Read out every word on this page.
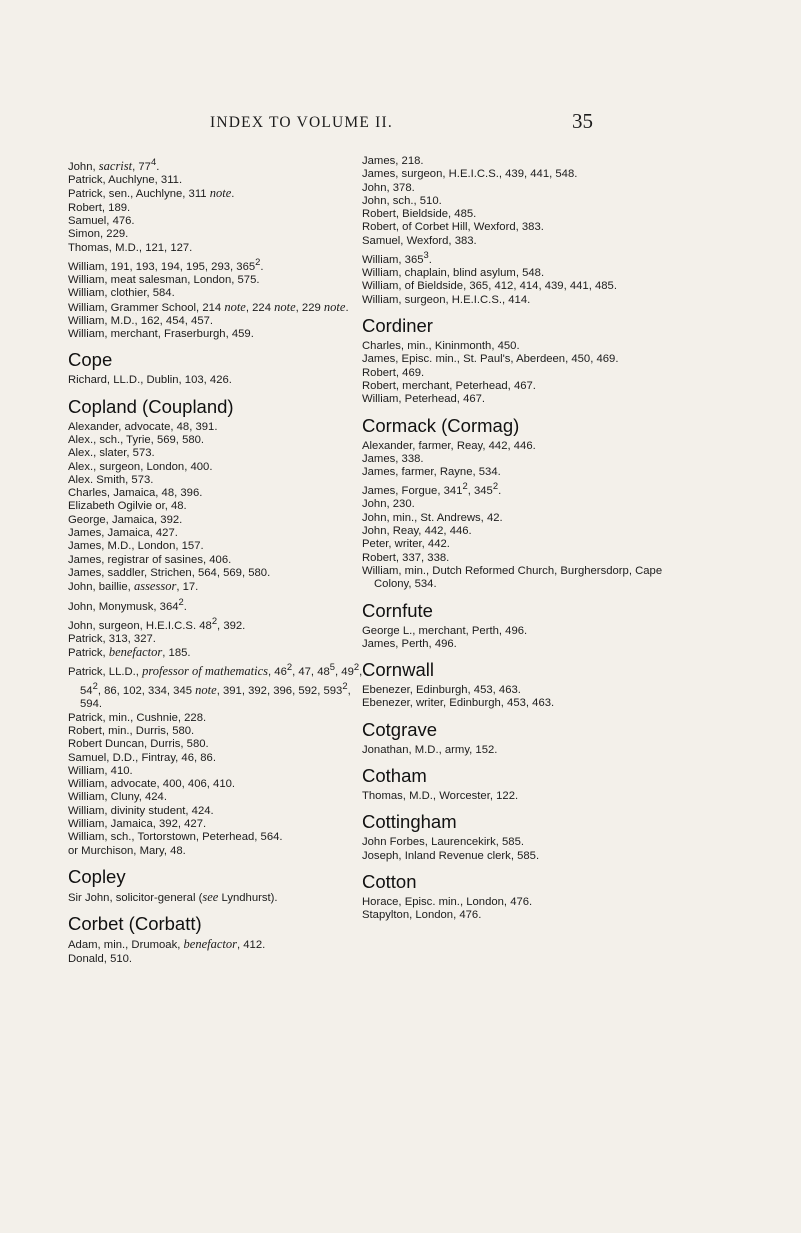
INDEX TO VOLUME II.	35
John, sacrist, $77^4$.
Patrick, Auchlyne, 311.
Patrick, sen., Auchlyne, 311 note.
Robert, 189.
Samuel, 476.
Simon, 229.
Thomas, M.D., 121, 127.
William, 191, 193, 194, 195, 293, $365^2$.
William, meat salesman, London, 575.
William, clothier, 584.
William, Grammer School, 214 note, 224 note, 229 note.
William, M.D., 162, 454, 457.
William, merchant, Fraserburgh, 459.
Cope
Richard, LL.D., Dublin, 103, 426.
Copland (Coupland)
Alexander, advocate, 48, 391.
Alex., sch., Tyrie, 569, 580.
Alex., slater, 573.
Alex., surgeon, London, 400.
Alex. Smith, 573.
Charles, Jamaica, 48, 396.
Elizabeth Ogilvie or, 48.
George, Jamaica, 392.
James, Jamaica, 427.
James, M.D., London, 157.
James, registrar of sasines, 406.
James, saddler, Strichen, 564, 569, 580.
John, baillie, assessor, 17.
John, Monymusk, $364^2$.
John, surgeon, H.E.I.C.S. $48^2$, 392.
Patrick, 313, 327.
Patrick, benefactor, 185.
Patrick, LL.D., professor of mathematics, $46^2$, 47, $48^5$, $49^2$, $54^2$, 86, 102, 334, 345 note, 391, 392, 396, 592, $593^2$, 594.
Patrick, min., Cushnie, 228.
Robert, min., Durris, 580.
Robert Duncan, Durris, 580.
Samuel, D.D., Fintray, 46, 86.
William, 410.
William, advocate, 400, 406, 410.
William, Cluny, 424.
William, divinity student, 424.
William, Jamaica, 392, 427.
William, sch., Tortorstown, Peterhead, 564.
or Murchison, Mary, 48.
Copley
Sir John, solicitor-general (see Lyndhurst).
Corbet (Corbatt)
Adam, min., Drumoak, benefactor, 412.
Donald, 510.
James, 218.
James, surgeon, H.E.I.C.S., 439, 441, 548.
John, 378.
John, sch., 510.
Robert, Bieldside, 485.
Robert, of Corbet Hill, Wexford, 383.
Samuel, Wexford, 383.
William, $365^3$.
William, chaplain, blind asylum, 548.
William, of Bieldside, 365, 412, 414, 439, 441, 485.
William, surgeon, H.E.I.C.S., 414.
Cordiner
Charles, min., Kininmonth, 450.
James, Episc. min., St. Paul's, Aberdeen, 450, 469.
Robert, 469.
Robert, merchant, Peterhead, 467.
William, Peterhead, 467.
Cormack (Cormag)
Alexander, farmer, Reay, 442, 446.
James, 338.
James, farmer, Rayne, 534.
James, Forgue, $341^2$, $345^2$.
John, 230.
John, min., St. Andrews, 42.
John, Reay, 442, 446.
Peter, writer, 442.
Robert, 337, 338.
William, min., Dutch Reformed Church, Burghersdorp, Cape Colony, 534.
Cornfute
George L., merchant, Perth, 496.
James, Perth, 496.
Cornwall
Ebenezer, Edinburgh, 453, 463.
Ebenezer, writer, Edinburgh, 453, 463.
Cotgrave
Jonathan, M.D., army, 152.
Cotham
Thomas, M.D., Worcester, 122.
Cottingham
John Forbes, Laurencekirk, 585.
Joseph, Inland Revenue clerk, 585.
Cotton
Horace, Episc. min., London, 476.
Stapylton, London, 476.
